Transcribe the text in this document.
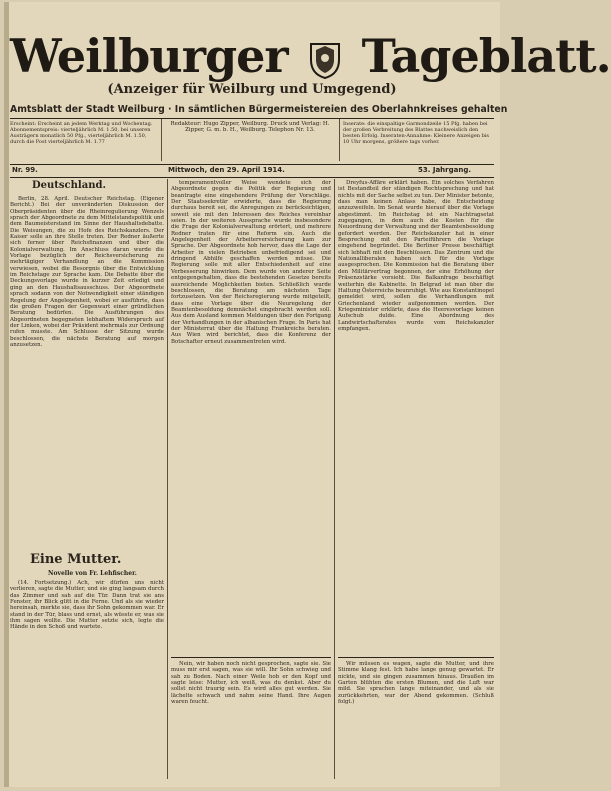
Weilburger Tageblatt.
(Anzeiger für Weilburg und Umgegend)
Amtsblatt der Stadt Weilburg · In sämtlichen Bürgermeistereien des Oberlahnkreises gehalten
Erscheint: Erscheint an jedem Werktag und Wochentag. Abonnementspreis: vierteljährlich M. 1.50, bei unseren Austrägern monatlich 50 Pfg., vierteljährlich M. 1.50, durch die Post vierteljährlich M. 1.77
Redakteur: Hugo Zipper, Weilburg. Druck und Verlag: H. Zipper, G. m. b. H., Weilburg. Telephon Nr. 13.
Inserate: die einspaltige Garmondzeile 15 Pfg. haben bei der großen Verbreitung des Blattes nachweislich den besten Erfolg. Inseraten-Annahme: Kleinere Anzeigen bis 10 Uhr morgens, größere tags vorher.
Nr. 99.	Mittwoch, den 29. April 1914.	53. Jahrgang.
Deutschland.

Berlin, 28. April. Deutscher Reichstag. (Eigener Bericht.) Bei der unveränderten Diskussion der Oberpräsidenten über die Rheinregulierung Wenzels sprach der Abgeordnete zu dem Mittelstandspolitik und dem Baumeisterstand im Sinne der Haushaltsdebatte. Die Weisungen, die zu Hofe des Reichskanzlers. Der Kaiser solle an ihre Stelle treten. Der Redner äußerte sich ferner über Reichsfinanzen und über die Kolonialverwaltung. Im Anschluss daran wurde die Vorlage bezüglich der Reichsversicherung zu mehrtägiger Verhandlung an die Kommission verwiesen, wobei die Besorgnis über die Entwicklung im Reichstage zur Sprache kam. Die Debatte über die Deckungsvorlage wurde in kurzer Zeit erledigt und ging an den Haushaltsausschuss. Der Abgeordnete sprach sodann von der Notwendigkeit einer ständigen Regelung der Angelegenheit, wobei er ausführte, dass die großen Fragen der Gegenwart einer gründlichen Beratung bedürfen. Die Ausführungen des Abgeordneten begegneten lebhaftem Widerspruch auf der Linken, wobei der Präsident mehrmals zur Ordnung rufen musste. Am Schlusse der Sitzung wurde beschlossen, die nächste Beratung auf morgen anzusetzen.

Eine Mutter.
Novelle von Fr. Lehfischer.

(14. Fortsetzung.) Ach, wir dürfen uns nicht verlieren, sagte die Mutter, und sie ging langsam durch das Zimmer und sah auf die Tür. Dann trat sie ans Fenster, ihr Blick glitt in die Ferne. Und als sie wieder hereinsah, merkte sie, dass ihr Sohn gekommen war. Er stand in der Tür, blass und ernst, als wüsste er, was sie ihm sagen wollte. Die Mutter setzte sich, legte die Hände in den Schoß und wartete.

temperamentvoller Weise wendete sich der Abgeordnete gegen die Politik der Regierung und beantragte eine eingehendere Prüfung der Vorschläge. Der Staatssekretär erwiderte, dass die Regierung durchaus bereit sei, die Anregungen zu berücksichtigen, soweit sie mit den Interessen des Reiches vereinbar seien. In der weiteren Aussprache wurde insbesondere die Frage der Kolonialverwaltung erörtert, und mehrere Redner traten für eine Reform ein. Auch die Angelegenheit der Arbeiterversicherung kam zur Sprache. Der Abgeordnete hob hervor, dass die Lage der Arbeiter in vielen Betrieben unbefriedigend sei und dringend Abhilfe geschaffen werden müsse. Die Regierung solle mit aller Entschiedenheit auf eine Verbesserung hinwirken. Dem wurde von anderer Seite entgegengehalten, dass die bestehenden Gesetze bereits ausreichende Möglichkeiten bieten. Schließlich wurde beschlossen, die Beratung am nächsten Tage fortzusetzen. Von der Reichsregierung wurde mitgeteilt, dass eine Vorlage über die Neuregelung der Beamtenbesoldung demnächst eingebracht werden soll. Aus dem Ausland kommen Meldungen über den Fortgang der Verhandlungen in der albanischen Frage. In Paris hat der Ministerrat über die Haltung Frankreichs beraten. Aus Wien wird berichtet, dass die Konferenz der Botschafter erneut zusammentreten wird.

Nein, wir haben noch nicht gesprochen, sagte sie. Sie muss mir erst sagen, was sie will. Ihr Sohn schwieg und sah zu Boden. Nach einer Weile hob er den Kopf und sagte leise: Mutter, ich weiß, was du denkst. Aber du sollst nicht traurig sein. Es wird alles gut werden. Sie lächelte schwach und nahm seine Hand. Ihre Augen waren feucht.

Dreyfus-Affäre erklärt haben. Ein solches Verfahren ist Bestandteil der ständigen Rechtsprechung und hat nichts mit der Sache selbst zu tun. Der Minister betonte, dass man keinen Anlass habe, die Entscheidung anzuzweifeln. Im Senat wurde hierauf über die Vorlage abgestimmt. Im Reichstag ist ein Nachtragsetat zugegangen, in dem auch die Kosten für die Neuordnung der Verwaltung und der Beamtenbesoldung gefordert werden. Der Reichskanzler hat in einer Besprechung mit den Parteiführern die Vorlage eingehend begründet. Die Berliner Presse beschäftigt sich lebhaft mit den Beschlüssen. Das Zentrum und die Nationalliberalen haben sich für die Vorlage ausgesprochen. Die Kommission hat die Beratung über den Militärvertrag begonnen, der eine Erhöhung der Präsenzstärke vorsieht. Die Balkanfrage beschäftigt weiterhin die Kabinette. In Belgrad ist man über die Haltung Österreichs beunruhigt. Wie aus Konstantinopel gemeldet wird, sollen die Verhandlungen mit Griechenland wieder aufgenommen werden. Der Kriegsminister erklärte, dass die Heeresvorlage keinen Aufschub dulde. Eine Abordnung des Landwirtschaftsrates wurde vom Reichskanzler empfangen.

Wir müssen es wagen, sagte die Mutter, und ihre Stimme klang fest. Ich habe lange genug gewartet. Er nickte, und sie gingen zusammen hinaus. Draußen im Garten blühten die ersten Blumen, und die Luft war mild. Sie sprachen lange miteinander, und als sie zurückkehrten, war der Abend gekommen. (Schluß folgt.)
